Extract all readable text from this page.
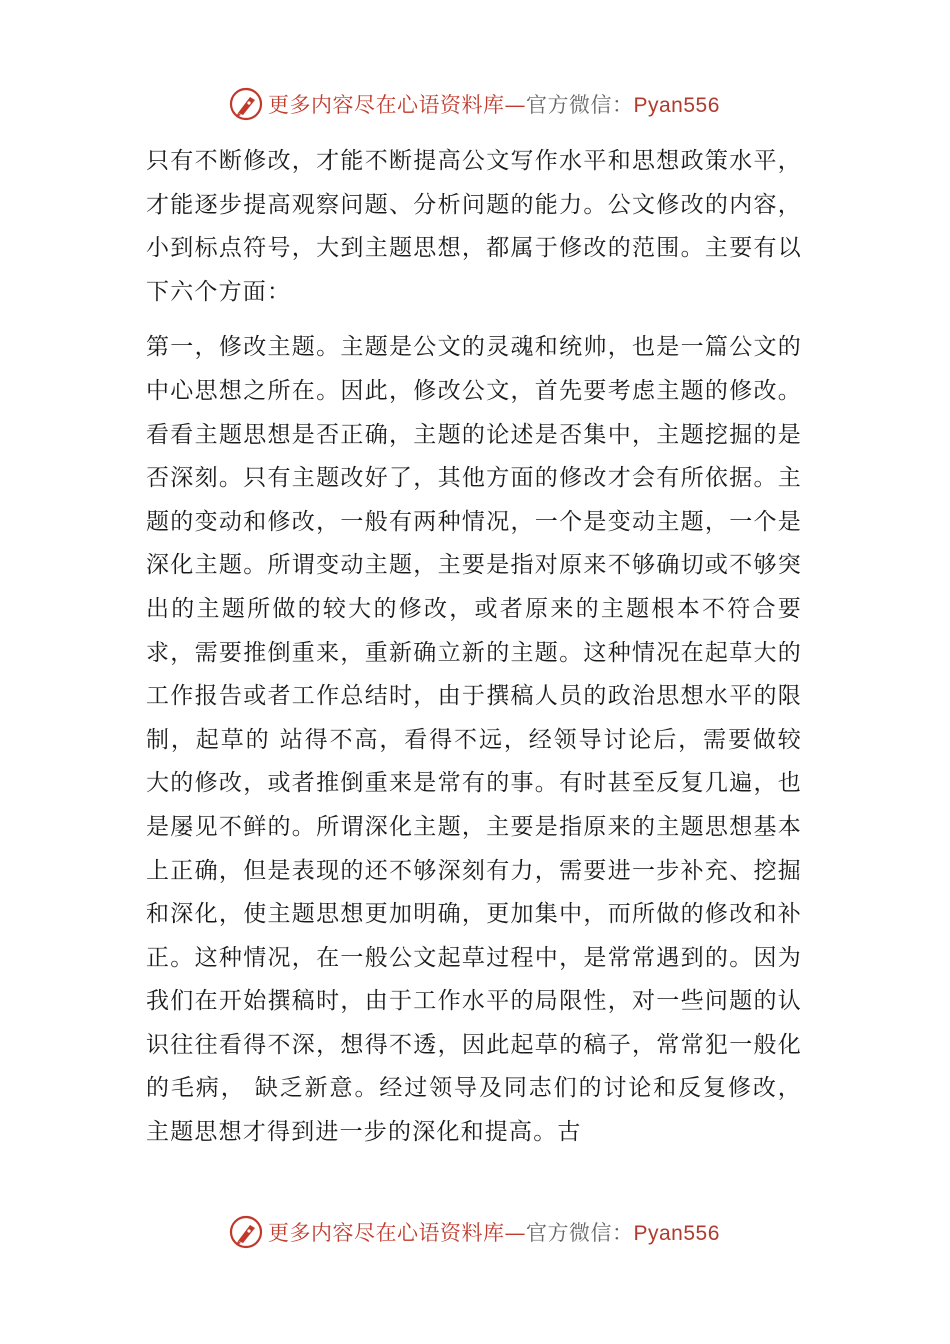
更多内容尽在心语资料库—官方微信：Pyan556

只有不断修改，才能不断提高公文写作水平和思想政策水平，才能逐步提高观察问题、分析问题的能力。公文修改的内容，小到标点符号，大到主题思想，都属于修改的范围。主要有以下六个方面：

第一，修改主题。主题是公文的灵魂和统帅，也是一篇公文的中心思想之所在。因此，修改公文，首先要考虑主题的修改。看看主题思想是否正确，主题的论述是否集中，主题挖掘的是否深刻。只有主题改好了，其他方面的修改才会有所依据。主题的变动和修改，一般有两种情况，一个是变动主题，一个是深化主题。所谓变动主题，主要是指对原来不够确切或不够突出的主题所做的较大的修改，或者原来的主题根本不符合要求，需要推倒重来，重新确立新的主题。这种情况在起草大的工作报告或者工作总结时，由于撰稿人员的政治思想水平的限制，起草的 站得不高，看得不远，经领导讨论后，需要做较大的修改，或者推倒重来是常有的事。有时甚至反复几遍，也是屡见不鲜的。所谓深化主题，主要是指原来的主题思想基本上正确，但是表现的还不够深刻有力，需要进一步补充、挖掘和深化，使主题思想更加明确，更加集中，而所做的修改和补正。这种情况，在一般公文起草过程中，是常常遇到的。因为我们在开始撰稿时，由于工作水平的局限性，对一些问题的认识往往看得不深，想得不透，因此起草的稿子，常常犯一般化的毛病， 缺乏新意。经过领导及同志们的讨论和反复修改，主题思想才得到进一步的深化和提高。古

更多内容尽在心语资料库—官方微信：Pyan556
